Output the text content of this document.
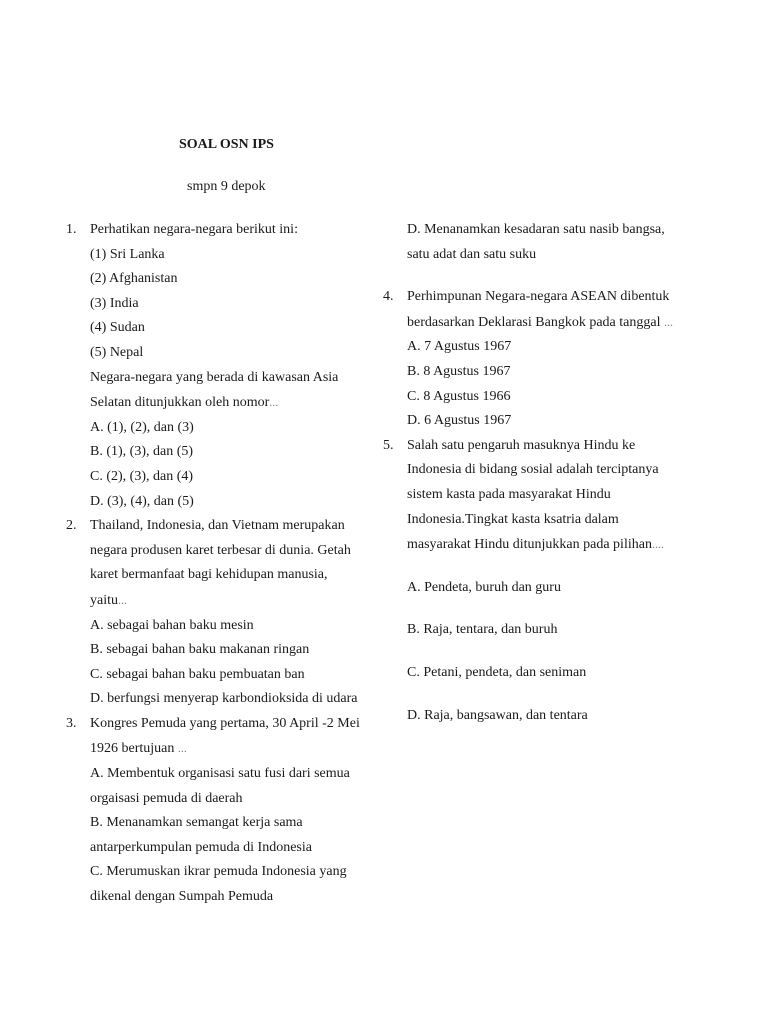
SOAL OSN IPS
smpn 9 depok
1. Perhatikan negara-negara berikut ini:
(1) Sri Lanka
(2) Afghanistan
(3) India
(4) Sudan
(5) Nepal
Negara-negara yang berada di kawasan Asia
Selatan ditunjukkan oleh nomor...
A. (1), (2), dan (3)
B. (1), (3), dan (5)
C. (2), (3), dan (4)
D. (3), (4), dan (5)
2. Thailand, Indonesia, dan Vietnam merupakan
negara produsen karet terbesar di dunia. Getah
karet bermanfaat bagi kehidupan manusia,
yaitu...
A. sebagai bahan baku mesin
B. sebagai bahan baku makanan ringan
C. sebagai bahan baku pembuatan ban
D. berfungsi menyerap karbondioksida di udara
3. Kongres Pemuda yang pertama, 30 April -2 Mei
1926 bertujuan ...
A. Membentuk organisasi satu fusi dari semua
orgaisasi pemuda di daerah
B. Menanamkan semangat kerja sama
antarperkumpulan pemuda di Indonesia
C. Merumuskan ikrar pemuda Indonesia yang
dikenal dengan Sumpah Pemuda
D. Menanamkan kesadaran satu nasib bangsa,
satu adat dan satu suku
4. Perhimpunan Negara-negara ASEAN dibentuk
berdasarkan Deklarasi Bangkok pada tanggal ...
A. 7 Agustus 1967
B. 8 Agustus 1967
C. 8 Agustus 1966
D. 6 Agustus 1967
5. Salah satu pengaruh masuknya Hindu ke
Indonesia di bidang sosial adalah terciptanya
sistem kasta pada masyarakat Hindu
Indonesia.Tingkat kasta ksatria dalam
masyarakat Hindu ditunjukkan pada pilihan....
A. Pendeta, buruh dan guru
B. Raja, tentara, dan buruh
C. Petani, pendeta, dan seniman
D. Raja, bangsawan, dan tentara
